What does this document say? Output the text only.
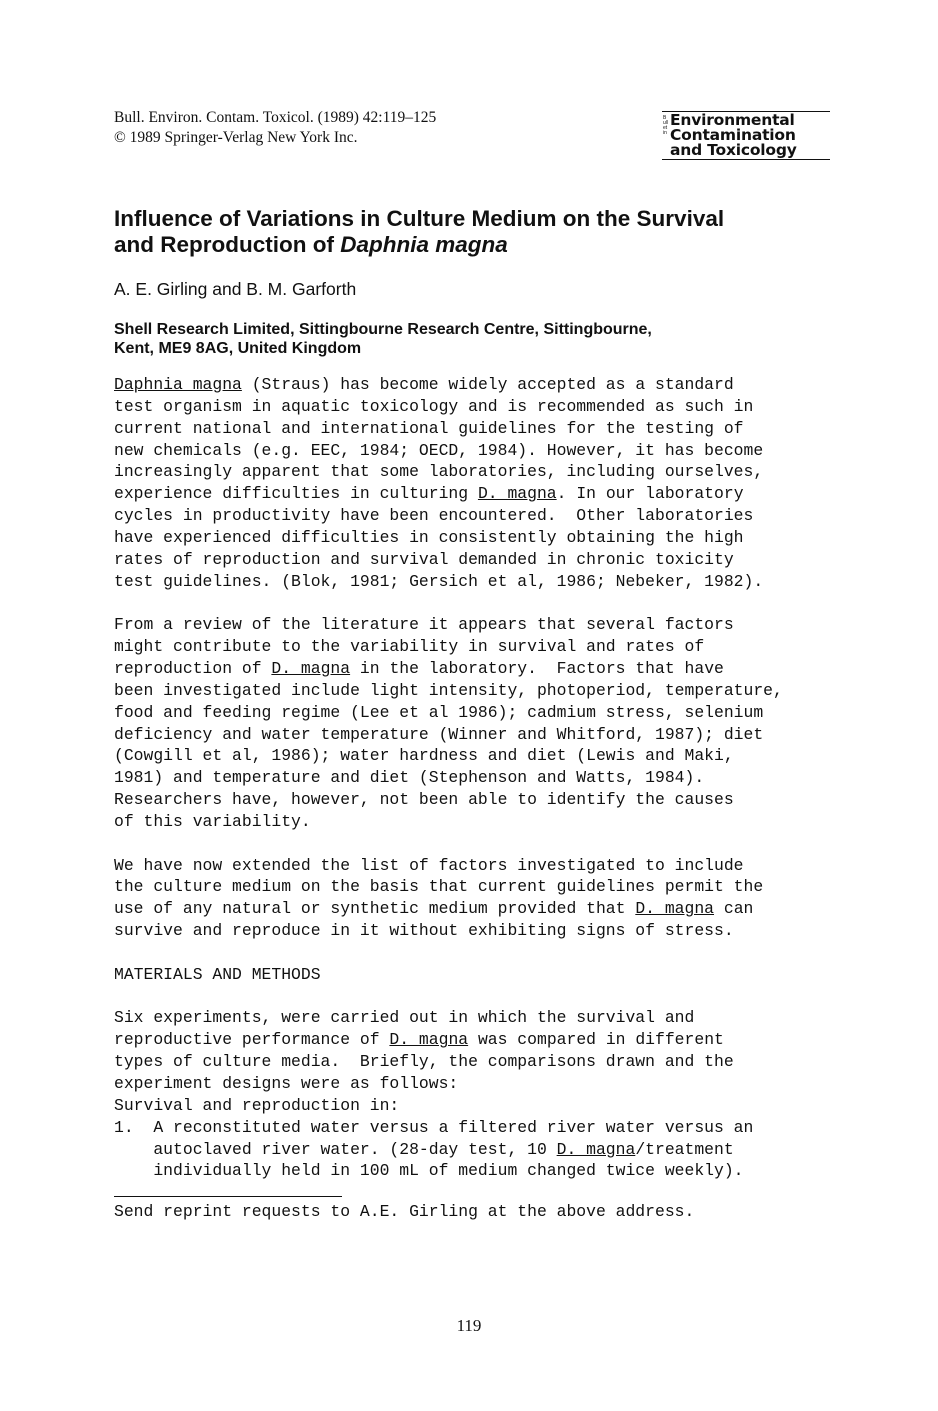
Bull. Environ. Contam. Toxicol. (1989) 42:119–125
© 1989 Springer-Verlag New York Inc.
Bulletin
Environmental
Contamination
and Toxicology
Influence of Variations in Culture Medium on the Survival
and Reproduction of Daphnia magna
A. E. Girling and B. M. Garforth
Shell Research Limited, Sittingbourne Research Centre, Sittingbourne,
Kent, ME9 8AG, United Kingdom

Daphnia magna (Straus) has become widely accepted as a standard

test organism in aquatic toxicology and is recommended as such in

current national and international guidelines for the testing of

new chemicals (e.g. EEC, 1984; OECD, 1984). However, it has become

increasingly apparent that some laboratories, including ourselves,

experience difficulties in culturing D. magna. In our laboratory

cycles in productivity have been encountered.  Other laboratories

have experienced difficulties in consistently obtaining the high

rates of reproduction and survival demanded in chronic toxicity

test guidelines. (Blok, 1981; Gersich et al, 1986; Nebeker, 1982).

From a review of the literature it appears that several factors

might contribute to the variability in survival and rates of

reproduction of D. magna in the laboratory.  Factors that have

been investigated include light intensity, photoperiod, temperature,

food and feeding regime (Lee et al 1986); cadmium stress, selenium

deficiency and water temperature (Winner and Whitford, 1987); diet

(Cowgill et al, 1986); water hardness and diet (Lewis and Maki,

1981) and temperature and diet (Stephenson and Watts, 1984).

Researchers have, however, not been able to identify the causes

of this variability.

We have now extended the list of factors investigated to include

the culture medium on the basis that current guidelines permit the

use of any natural or synthetic medium provided that D. magna can

survive and reproduce in it without exhibiting signs of stress.

MATERIALS AND METHODS

Six experiments, were carried out in which the survival and

reproductive performance of D. magna was compared in different

types of culture media.  Briefly, the comparisons drawn and the

experiment designs were as follows:

Survival and reproduction in:

1.  A reconstituted water versus a filtered river water versus an

autoclaved river water. (28-day test, 10 D. magna/treatment

individually held in 100 mL of medium changed twice weekly).

Send reprint requests to A.E. Girling at the above address.
119
